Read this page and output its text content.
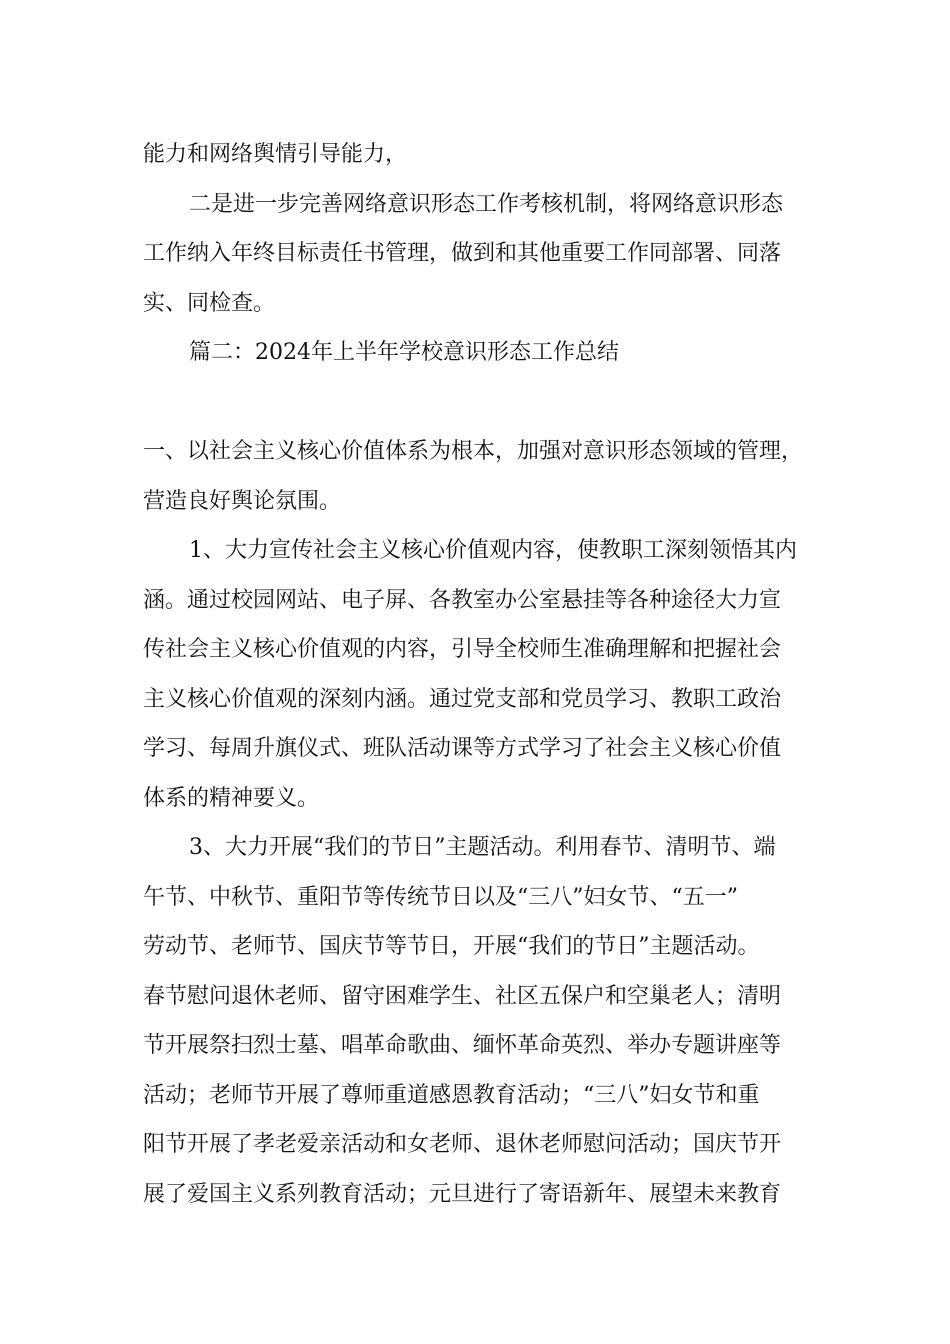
能力和网络舆情引导能力，
二是进一步完善网络意识形态工作考核机制，将网络意识形态
工作纳入年终目标责任书管理，做到和其他重要工作同部署、同落
实、同检查。
篇二：2024年上半年学校意识形态工作总结
一、以社会主义核心价值体系为根本，加强对意识形态领域的管理，
营造良好舆论氛围。
1、大力宣传社会主义核心价值观内容，使教职工深刻领悟其内
涵。通过校园网站、电子屏、各教室办公室悬挂等各种途径大力宣
传社会主义核心价值观的内容，引导全校师生准确理解和把握社会
主义核心价值观的深刻内涵。通过党支部和党员学习、教职工政治
学习、每周升旗仪式、班队活动课等方式学习了社会主义核心价值
体系的精神要义。
3、大力开展“我们的节日”主题活动。利用春节、清明节、端
午节、中秋节、重阳节等传统节日以及“三八”妇女节、“五一”
劳动节、老师节、国庆节等节日，开展“我们的节日”主题活动。
春节慰问退休老师、留守困难学生、社区五保户和空巢老人；清明
节开展祭扫烈士墓、唱革命歌曲、缅怀革命英烈、举办专题讲座等
活动；老师节开展了尊师重道感恩教育活动；“三八”妇女节和重
阳节开展了孝老爱亲活动和女老师、退休老师慰问活动；国庆节开
展了爱国主义系列教育活动；元旦进行了寄语新年、展望未来教育
